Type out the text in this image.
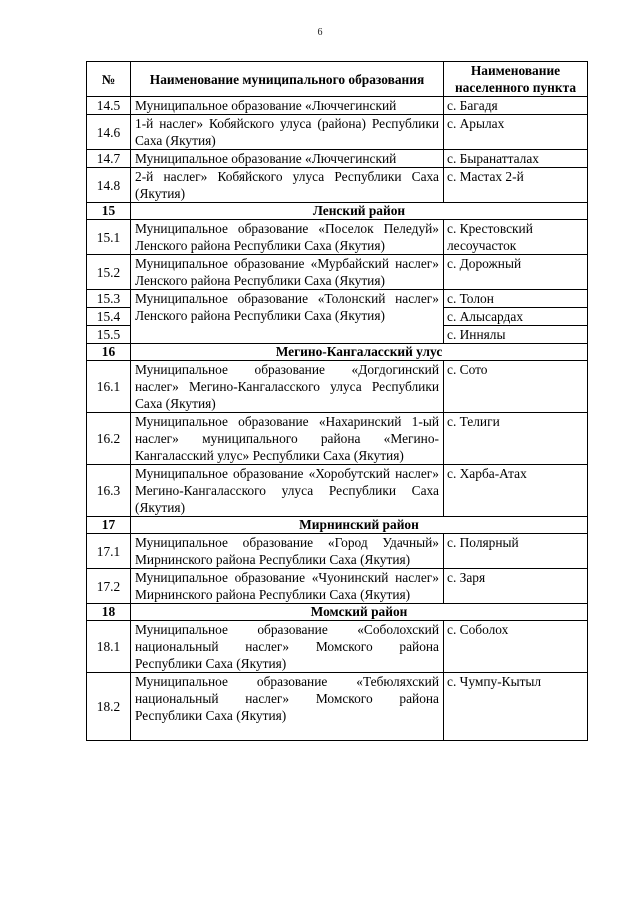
6
№	Наименование муниципального образования	Наименование населенного пункта
14.5	Муниципальное образование «Люччегинский	с. Багадя
14.6	1-й наслег» Кобяйского улуса (района) Республики Саха (Якутия)	с. Арылах
14.7	Муниципальное образование «Люччегинский	с. Быранатталах
14.8	2-й наслег» Кобяйского улуса Республики Саха (Якутия)	с. Мастах 2-й
15	Ленский район	
15.1	Муниципальное образование «Поселок Пеледуй» Ленского района Республики Саха (Якутия)	с. Крестовский лесоучасток
15.2	Муниципальное образование «Мурбайский наслег» Ленского района Республики Саха (Якутия)	с. Дорожный
15.3	Муниципальное образование «Толонский наслег» Ленского района Республики Саха (Якутия)	с. Толон
15.4		с. Алысардах
15.5		с. Иннялы
16	Мегино-Кангаласский улус	
16.1	Муниципальное образование «Догдогинский наслег» Мегино-Кангаласского улуса Республики Саха (Якутия)	с. Сото
16.2	Муниципальное образование «Нахаринский 1-ый наслег» муниципального района «Мегино-Кангаласский улус» Республики Саха (Якутия)	с. Телиги
16.3	Муниципальное образование «Хоробутский наслег» Мегино-Кангаласского улуса Республики Саха (Якутия)	с. Харба-Атах
17	Мирнинский район	
17.1	Муниципальное образование «Город Удачный» Мирнинского района Республики Саха (Якутия)	с. Полярный
17.2	Муниципальное образование «Чуонинский наслег» Мирнинского района Республики Саха (Якутия)	с. Заря
18	Момский район	
18.1	Муниципальное образование «Соболохский национальный наслег» Момского района Республики Саха (Якутия)	с. Соболох
18.2	Муниципальное образование «Тебюляхский национальный наслег» Момского района Республики Саха (Якутия)	с. Чумпу-Кытыл
